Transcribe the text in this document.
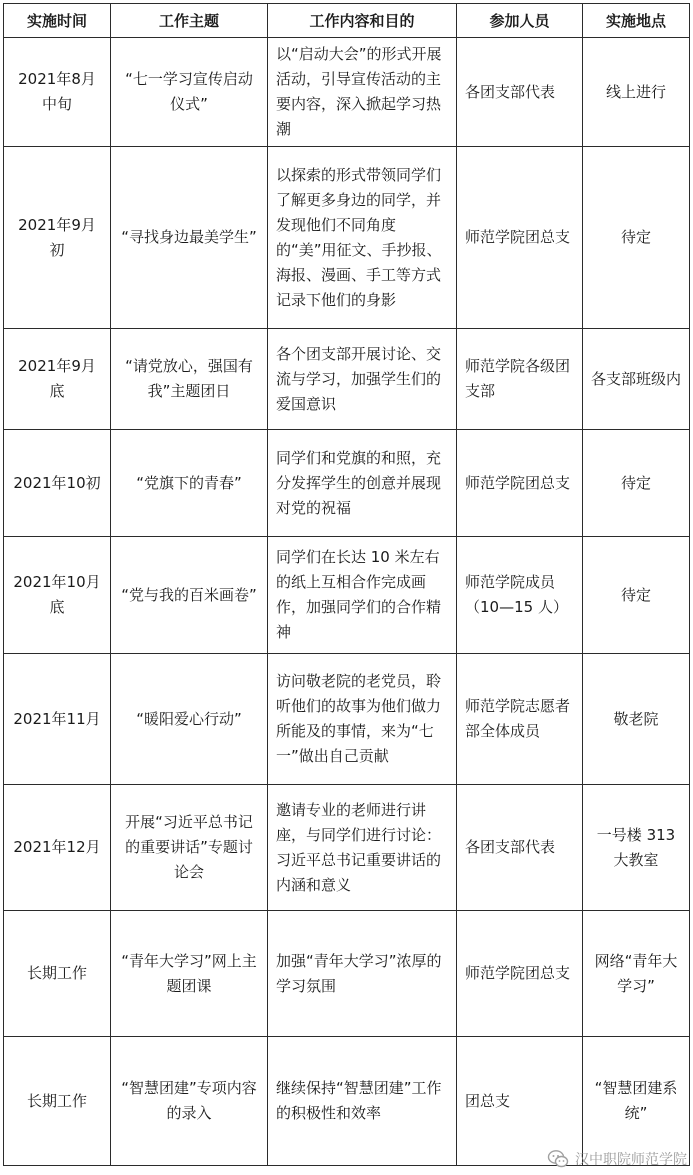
实施时间	工作主题	工作内容和目的	参加人员	实施地点
2021年8月中旬	“七一学习宣传启动仪式”	以“启动大会”的形式开展活动，引导宣传活动的主要内容，深入掀起学习热潮	各团支部代表	线上进行
2021年9月初	“寻找身边最美学生”	以探索的形式带领同学们了解更多身边的同学，并发现他们不同角度的“美”用征文、手抄报、海报、漫画、手工等方式记录下他们的身影	师范学院团总支	待定
2021年9月底	“请党放心，强国有我”主题团日	各个团支部开展讨论、交流与学习，加强学生们的爱国意识	师范学院各级团支部	各支部班级内
2021年10初	“党旗下的青春”	同学们和党旗的和照，充分发挥学生的创意并展现对党的祝福	师范学院团总支	待定
2021年10月底	“党与我的百米画卷”	同学们在长达 10 米左右的纸上互相合作完成画作，加强同学们的合作精神	师范学院成员（10—15 人）	待定
2021年11月	“暖阳爱心行动”	访问敬老院的老党员，聆听他们的故事为他们做力所能及的事情，来为“七一”做出自己贡献	师范学院志愿者部全体成员	敬老院
2021年12月	开展“习近平总书记的重要讲话”专题讨论会	邀请专业的老师进行讲座，与同学们进行讨论：习近平总书记重要讲话的内涵和意义	各团支部代表	一号楼 313 大教室
长期工作	“青年大学习”网上主题团课	加强“青年大学习”浓厚的学习氛围	师范学院团总支	网络“青年大学习”
长期工作	“智慧团建”专项内容的录入	继续保持“智慧团建”工作的积极性和效率	团总支	“智慧团建系统”
汉中职院师范学院
